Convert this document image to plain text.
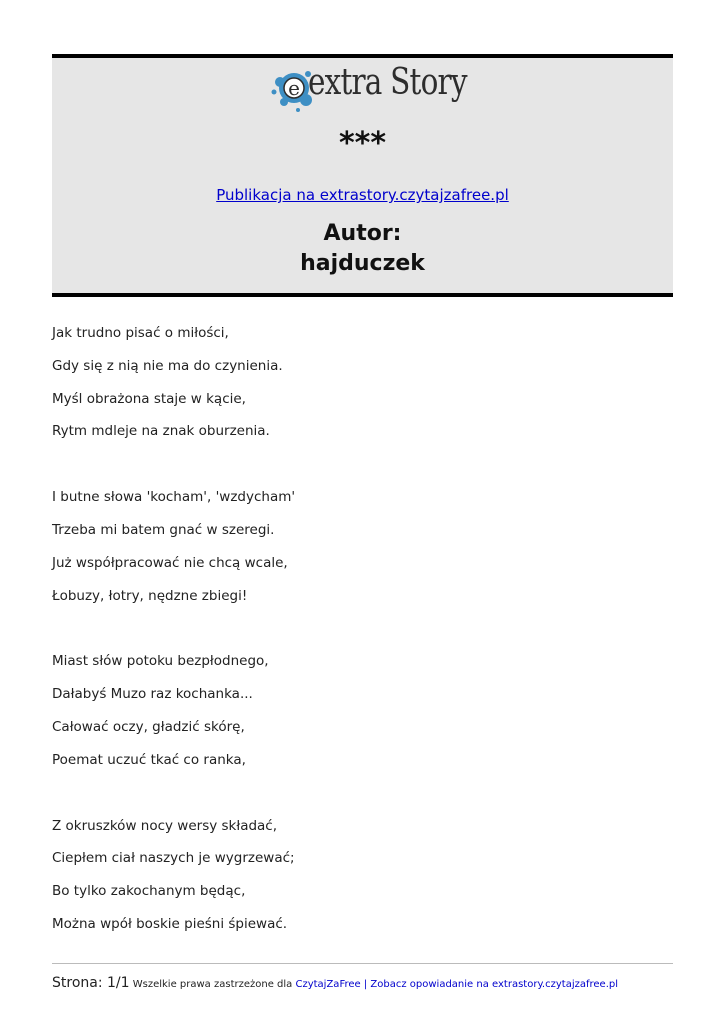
e extra Story
***
Publikacja na extrastory.czytajzafree.pl
Autor:
hajduczek
Jak trudno pisać o miłości,
Gdy się z nią nie ma do czynienia.
Myśl obrażona staje w kącie,
Rytm mdleje na znak oburzenia.
I butne słowa 'kocham', 'wzdycham'
Trzeba mi batem gnać w szeregi.
Już współpracować nie chcą wcale,
Łobuzy, łotry, nędzne zbiegi!
Miast słów potoku bezpłodnego,
Dałabyś Muzo raz kochanka...
Całować oczy, gładzić skórę,
Poemat uczuć tkać co ranka,
Z okruszków nocy wersy składać,
Ciepłem ciał naszych je wygrzewać;
Bo tylko zakochanym będąc,
Można wpół boskie pieśni śpiewać.
Strona: 1/1 Wszelkie prawa zastrzeżone dla CzytajZaFree | Zobacz opowiadanie na extrastory.czytajzafree.pl
